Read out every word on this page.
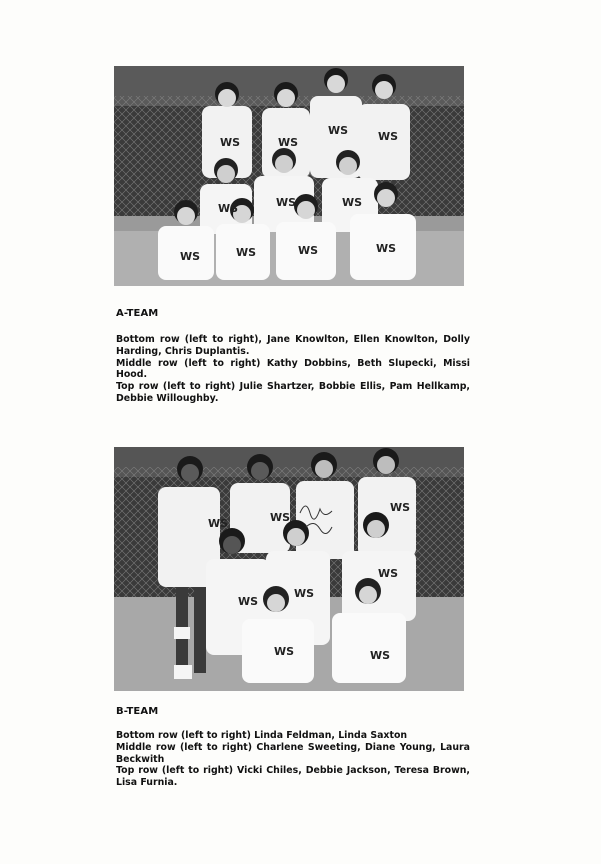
WS	WS
WS	WS
WS	WS	WS
WS	WS	WS	WS
A-TEAM
Bottom row (left to right), Jane Knowlton, Ellen Knowlton, Dolly Harding, Chris Duplantis.
Middle row (left to right) Kathy Dobbins, Beth Slupecki, Missi Hood.
Top row (left to right) Julie Shartzer, Bobbie Ellis, Pam Hellkamp, Debbie Willoughby.
WS	WS
WS
WS
WS
WS
WS	WS
B-TEAM
Bottom row (left to right) Linda Feldman, Linda Saxton
Middle row (left to right) Charlene Sweeting, Diane Young, Laura Beckwith
Top row (left to right) Vicki Chiles, Debbie Jackson, Teresa Brown, Lisa Furnia.
